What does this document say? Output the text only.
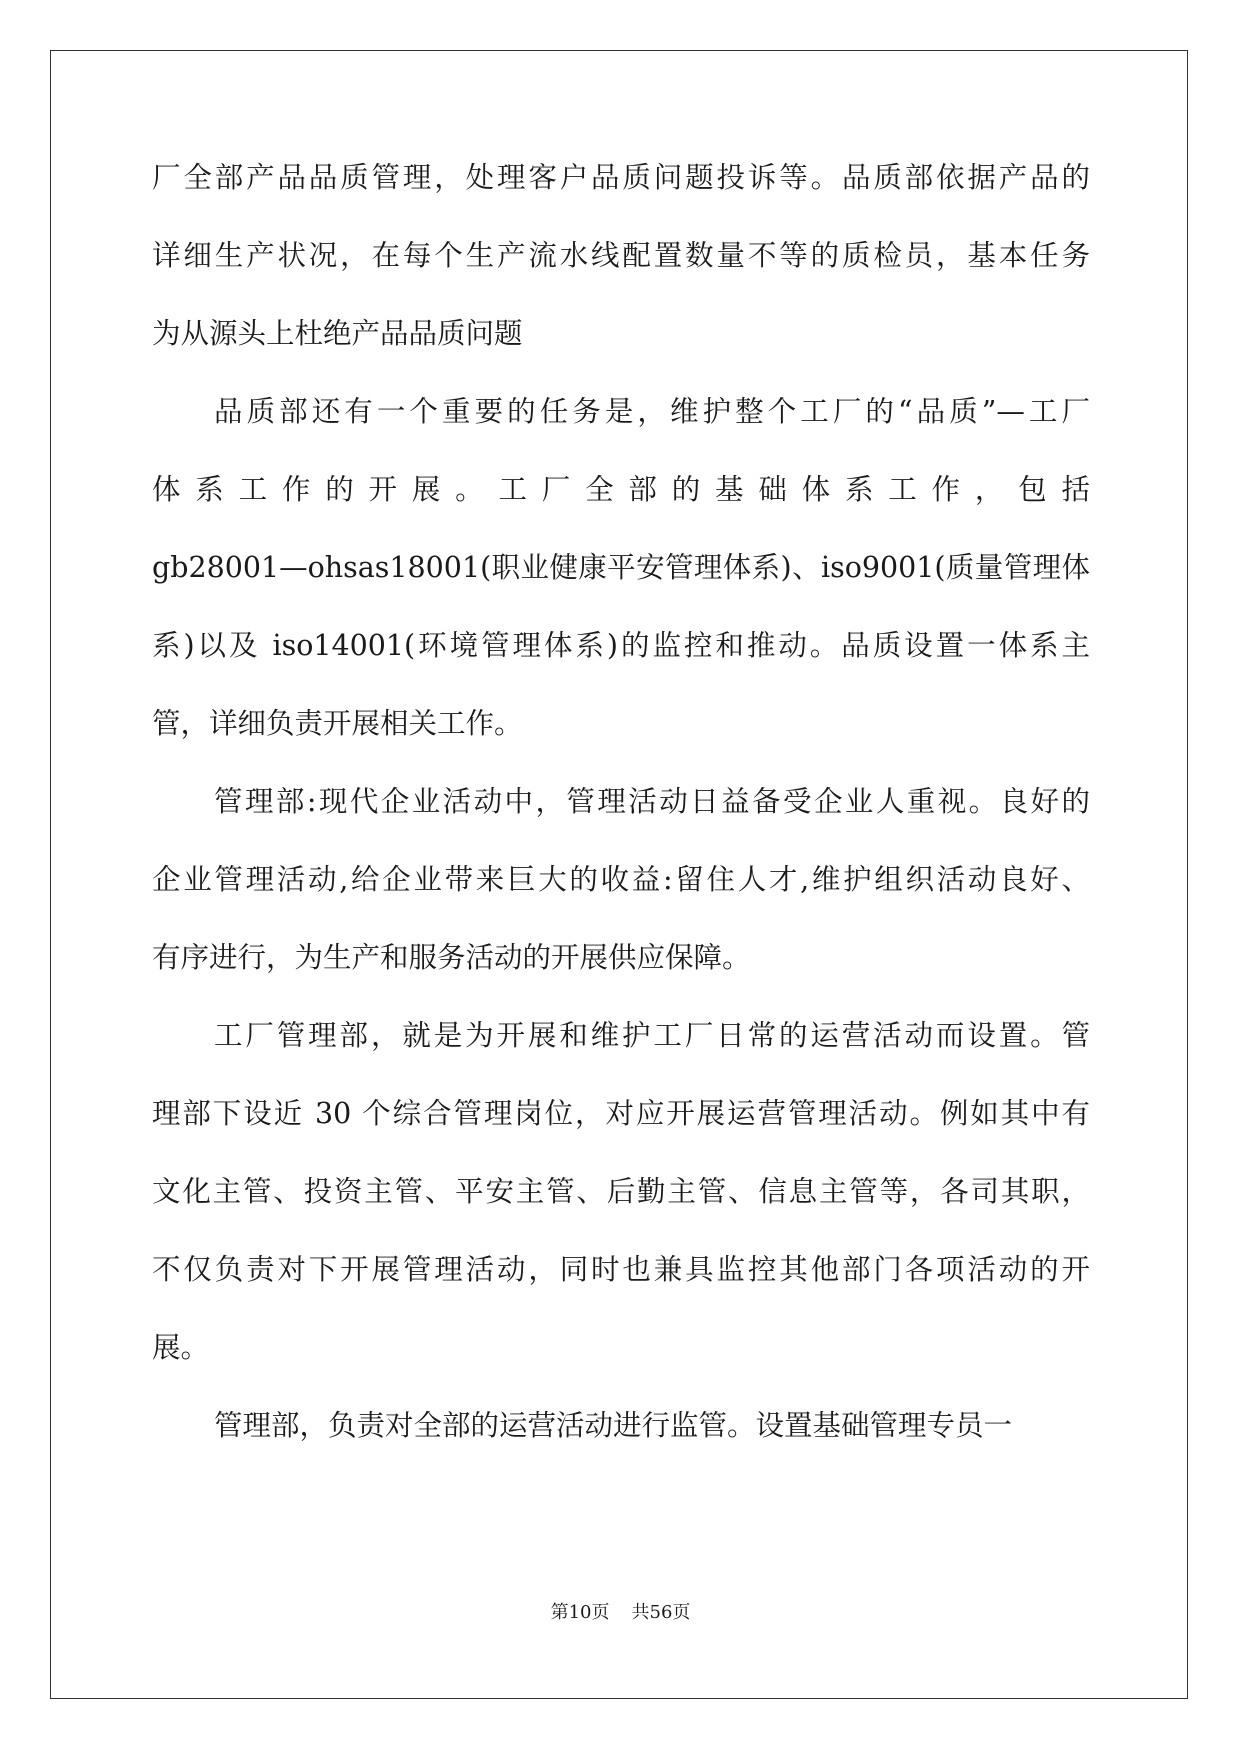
厂全部产品品质管理，处理客户品质问题投诉等。品质部依据产品的
详细生产状况，在每个生产流水线配置数量不等的质检员，基本任务
为从源头上杜绝产品品质问题
品质部还有一个重要的任务是，维护整个工厂的“品质”—工厂
体系工作的开展。工厂全部的基础体系工作，包括
gb28001—ohsas18001(职业健康平安管理体系)、iso9001(质量管理体
系)以及 iso14001(环境管理体系)的监控和推动。品质设置一体系主
管，详细负责开展相关工作。
管理部:现代企业活动中，管理活动日益备受企业人重视。良好的
企业管理活动,给企业带来巨大的收益:留住人才,维护组织活动良好、
有序进行，为生产和服务活动的开展供应保障。
工厂管理部，就是为开展和维护工厂日常的运营活动而设置。管
理部下设近 30 个综合管理岗位，对应开展运营管理活动。例如其中有
文化主管、投资主管、平安主管、后勤主管、信息主管等，各司其职，
不仅负责对下开展管理活动，同时也兼具监控其他部门各项活动的开
展。
管理部，负责对全部的运营活动进行监管。设置基础管理专员一
第10页 共56页
